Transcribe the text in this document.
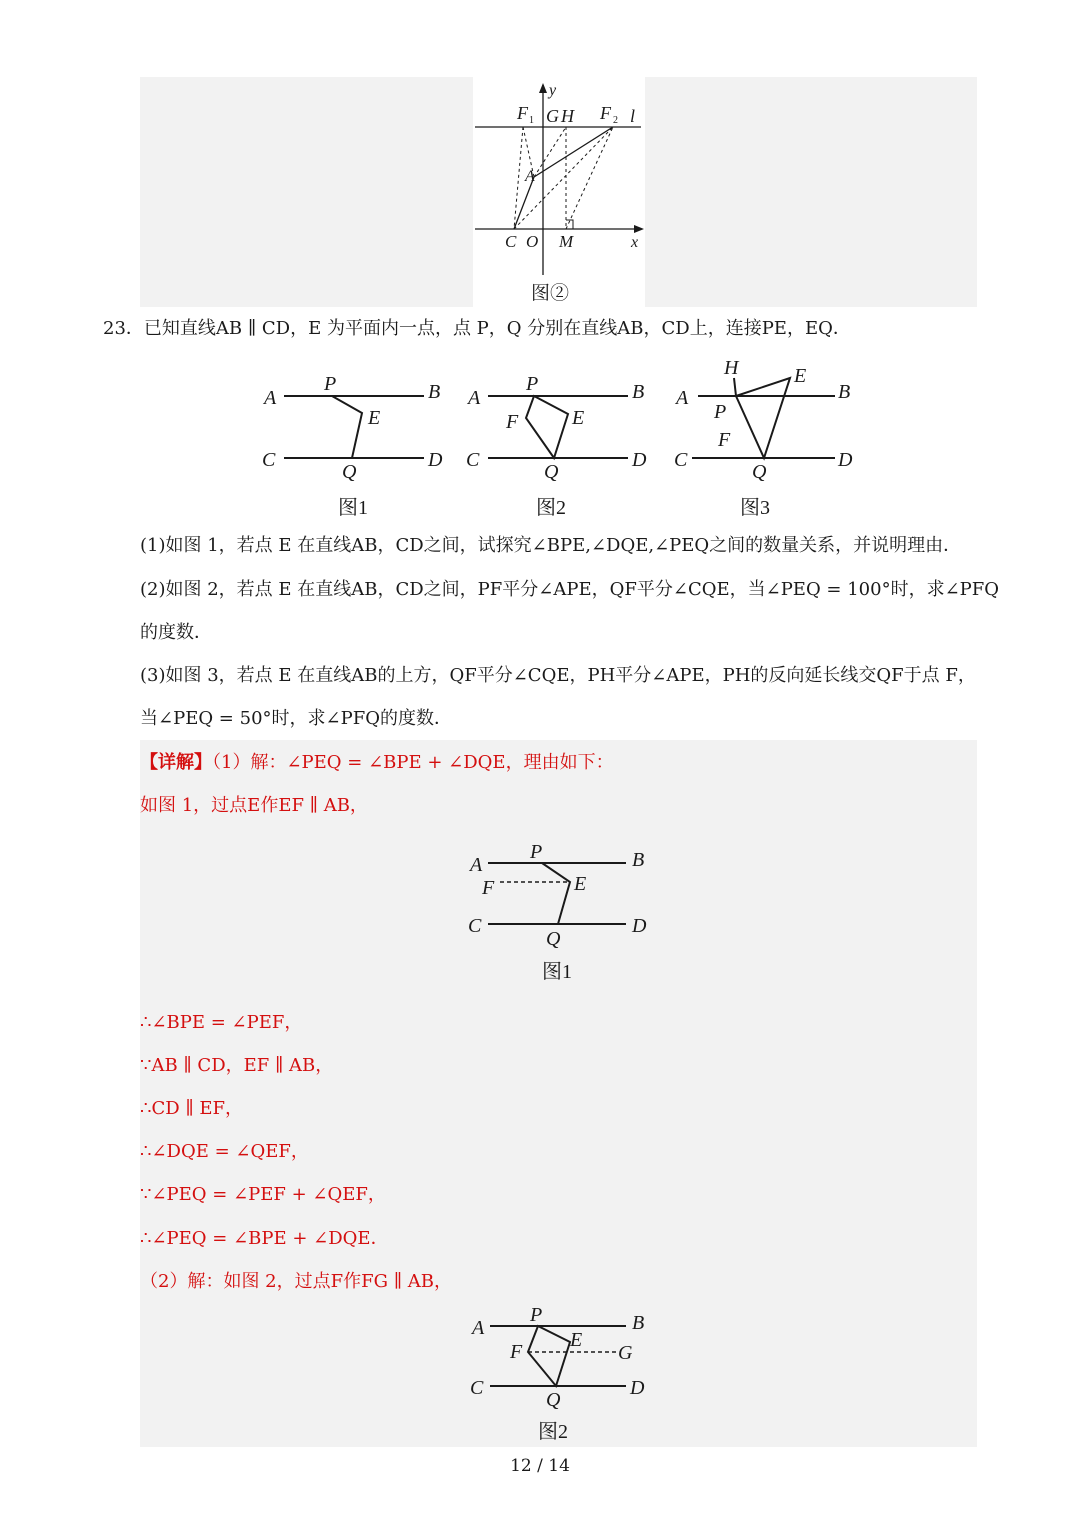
y
F 1 G H F 2 l
A
C O M	x
图②
23．已知直线AB ∥ CD，E 为平面内一点，点 P，Q 分别在直线AB，CD上，连接PE，EQ．
A
P	B
E
C
Q
D
图1
A
P	B
F	E
C
Q
D
图2
H	E
A	B
P
F
C
Q
D
图3
(1)如图 1，若点 E 在直线AB，CD之间，试探究∠BPE,∠DQE,∠PEQ之间的数量关系，并说明理由．
(2)如图 2，若点 E 在直线AB，CD之间，PF平分∠APE，QF平分∠CQE，当∠PEQ = 100°时，求∠PFQ
的度数．
(3)如图 3，若点 E 在直线AB的上方，QF平分∠CQE，PH平分∠APE，PH的反向延长线交QF于点 F，
当∠PEQ = 50°时，求∠PFQ的度数．
【详解】（1）解：∠PEQ = ∠BPE + ∠DQE，理由如下：
如图 1，过点E作EF ∥ AB，
A
P	B
F	E
C
Q
D
图1
∴∠BPE = ∠PEF，
∵AB ∥ CD，EF ∥ AB，
∴CD ∥ EF，
∴∠DQE = ∠QEF，
∵∠PEQ = ∠PEF + ∠QEF，
∴∠PEQ = ∠BPE + ∠DQE．
（2）解：如图 2，过点F作FG ∥ AB，
A
P	B
F
E
G
C
Q
D
图2
12 / 14
